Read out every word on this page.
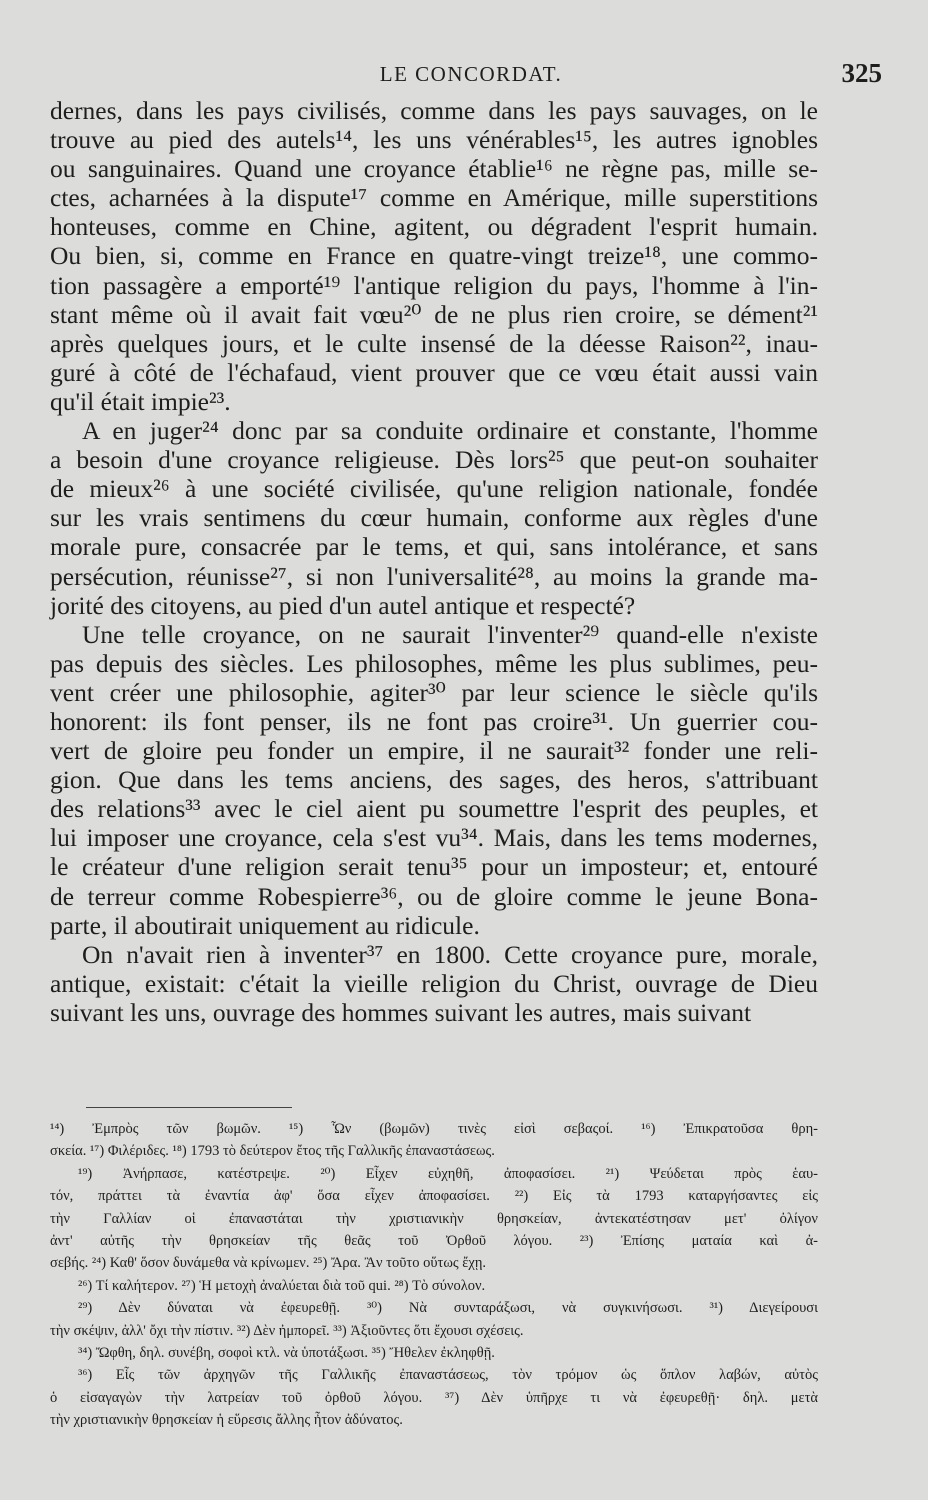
LE CONCORDAT.	325
dernes, dans les pays civilisés, comme dans les pays sauvages, on le
trouve au pied des autels¹⁴, les uns vénérables¹⁵, les autres ignobles
ou sanguinaires. Quand une croyance établie¹⁶ ne règne pas, mille se-
ctes, acharnées à la dispute¹⁷ comme en Amérique, mille superstitions
honteuses, comme en Chine, agitent, ou dégradent l'esprit humain.
Ou bien, si, comme en France en quatre-vingt treize¹⁸, une commo-
tion passagère a emporté¹⁹ l'antique religion du pays, l'homme à l'in-
stant même où il avait fait vœu²⁰ de ne plus rien croire, se dément²¹
après quelques jours, et le culte insensé de la déesse Raison²², inau-
guré à côté de l'échafaud, vient prouver que ce vœu était aussi vain
qu'il était impie²³.
A en juger²⁴ donc par sa conduite ordinaire et constante, l'homme
a besoin d'une croyance religieuse. Dès lors²⁵ que peut-on souhaiter
de mieux²⁶ à une société civilisée, qu'une religion nationale, fondée
sur les vrais sentimens du cœur humain, conforme aux règles d'une
morale pure, consacrée par le tems, et qui, sans intolérance, et sans
persécution, réunisse²⁷, si non l'universalité²⁸, au moins la grande ma-
jorité des citoyens, au pied d'un autel antique et respecté?
Une telle croyance, on ne saurait l'inventer²⁹ quand-elle n'existe
pas depuis des siècles. Les philosophes, même les plus sublimes, peu-
vent créer une philosophie, agiter³⁰ par leur science le siècle qu'ils
honorent: ils font penser, ils ne font pas croire³¹. Un guerrier cou-
vert de gloire peu fonder un empire, il ne saurait³² fonder une reli-
gion. Que dans les tems anciens, des sages, des heros, s'attribuant
des relations³³ avec le ciel aient pu soumettre l'esprit des peuples, et
lui imposer une croyance, cela s'est vu³⁴. Mais, dans les tems modernes,
le créateur d'une religion serait tenu³⁵ pour un imposteur; et, entouré
de terreur comme Robespierre³⁶, ou de gloire comme le jeune Bona-
parte, il aboutirait uniquement au ridicule.
On n'avait rien à inventer³⁷ en 1800. Cette croyance pure, morale,
antique, existait: c'était la vieille religion du Christ, ouvrage de Dieu
suivant les uns, ouvrage des hommes suivant les autres, mais suivant
¹⁴) Ἐμπρὸς τῶν βωμῶν. ¹⁵) Ὧν (βωμῶν) τινὲς εἰσὶ σεβαςοί. ¹⁶) Ἐπικρατοῦσα θρη-
σκεία. ¹⁷) Φιλέριδες. ¹⁸) 1793 τὸ δεύτερον ἔτος τῆς Γαλλικῆς ἐπαναστάσεως.
¹⁹) Ἀνήρπασε, κατέστρεψε. ²⁰) Εἶχεν εὐχηθῆ, ἀποφασίσει. ²¹) Ψεύδεται πρὸς ἑαυ-
τόν, πράττει τὰ ἐναντία ἀφ' ὅσα εἶχεν ἀποφασίσει. ²²) Εἰς τὰ 1793 καταργήσαντες εἰς
τὴν Γαλλίαν οἱ ἐπαναστάται τὴν χριστιανικὴν θρησκείαν, ἀντεκατέστησαν μετ' ὀλίγον
ἀντ' αὐτῆς τὴν θρησκείαν τῆς θεᾶς τοῦ Ὀρθοῦ λόγου. ²³) Ἐπίσης ματαία καὶ ἀ-
σεβής. ²⁴) Καθ' ὅσον δυνάμεθα νὰ κρίνωμεν. ²⁵) Ἄρα. Ἂν τοῦτο οὕτως ἔχῃ.
²⁶) Τί καλήτερον. ²⁷) Ἡ μετοχὴ ἀναλύεται διὰ τοῦ qui. ²⁸) Τὸ σύνολον.
²⁹) Δὲν δύναται νὰ ἐφευρεθῇ. ³⁰) Νὰ συνταράξωσι, νὰ συγκινήσωσι. ³¹) Διεγείρουσι
τὴν σκέψιν, ἀλλ' ὄχι τὴν πίστιν. ³²) Δὲν ἠμπορεῖ. ³³) Ἀξιοῦντες ὅτι ἔχουσι σχέσεις.
³⁴) Ὤφθη, δηλ. συνέβη, σοφοὶ κτλ. νὰ ὑποτάξωσι. ³⁵) Ἤθελεν ἐκληφθῇ.
³⁶) Εἷς τῶν ἀρχηγῶν τῆς Γαλλικῆς ἐπαναστάσεως, τὸν τρόμον ὡς ὅπλον λαβών, αὐτὸς
ὁ εἰσαγαγὼν τὴν λατρείαν τοῦ ὀρθοῦ λόγου. ³⁷) Δὲν ὑπῆρχε τι νὰ ἐφευρεθῇ· δηλ. μετὰ
τὴν χριστιανικὴν θρησκείαν ἡ εὕρεσις ἄλλης ἦτον ἀδύνατος.
